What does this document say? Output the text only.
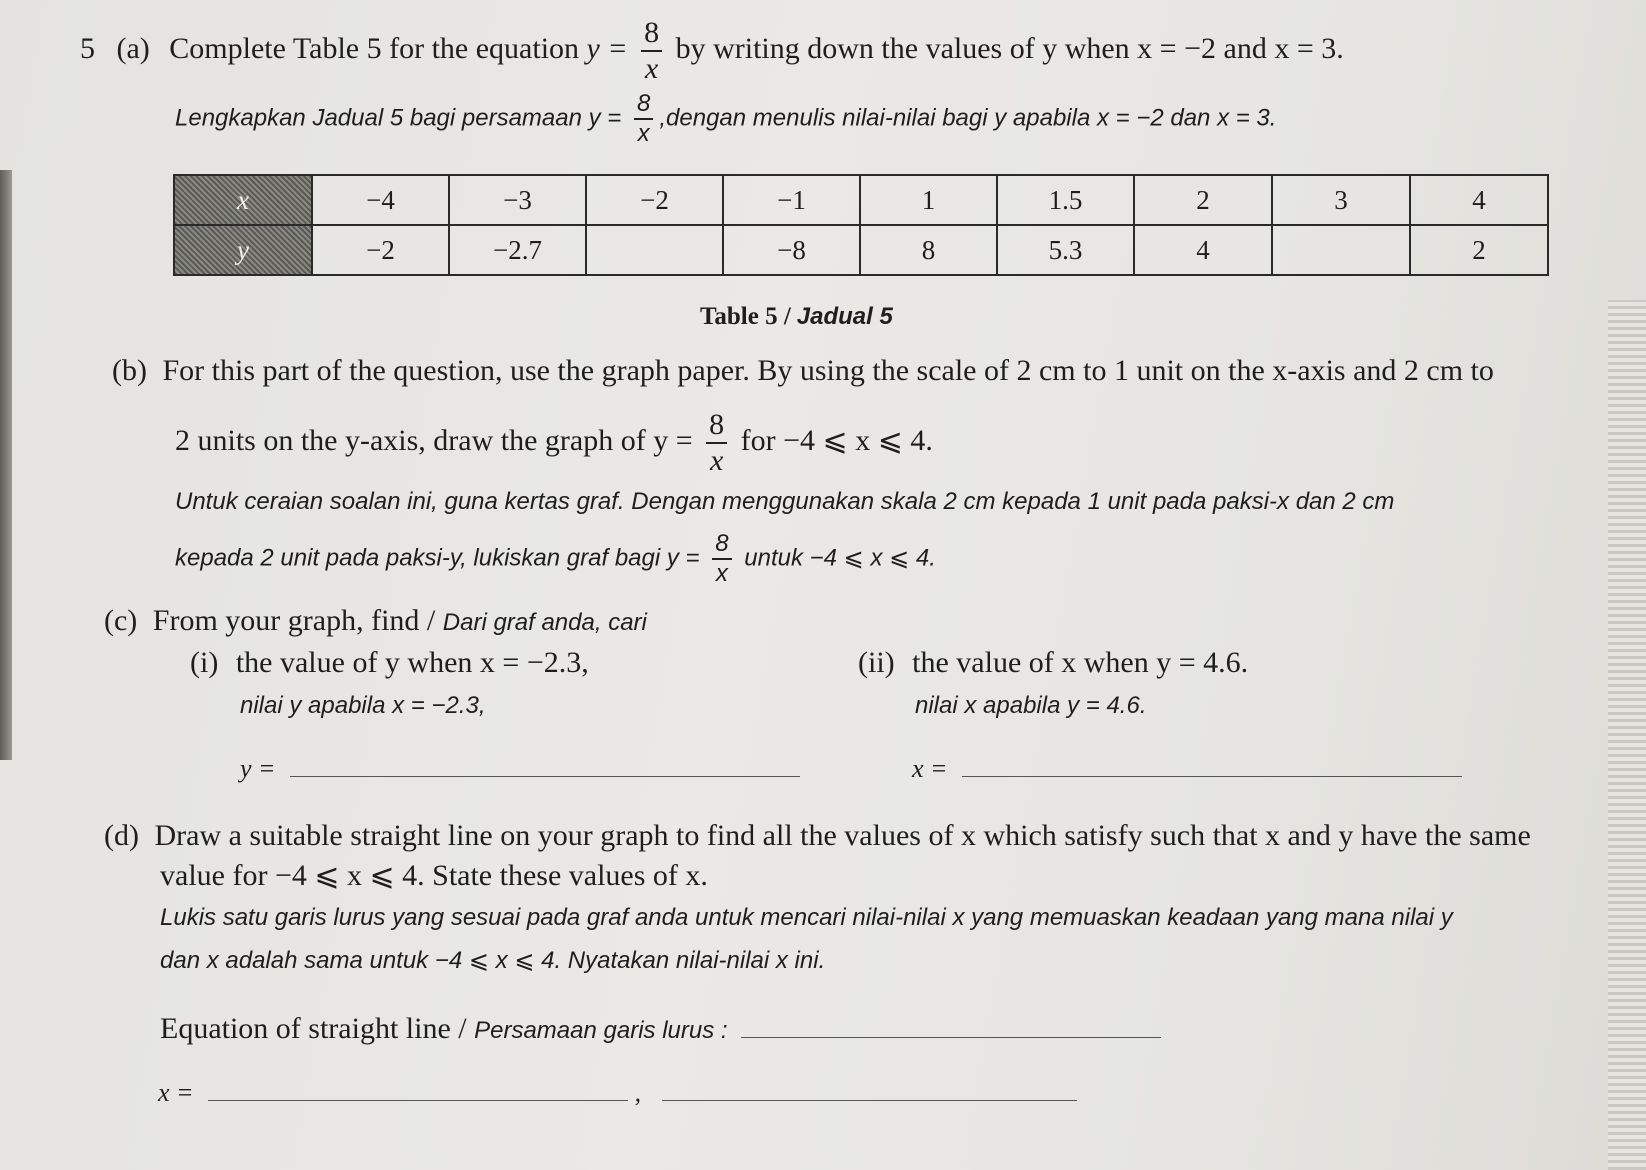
5 (a) Complete Table 5 for the equation $y = \frac{8}{x}$ by writing down the values of y when x = −2 and x = 3.
Lengkapkan Jadual 5 bagi persamaan $y = \frac{8}{x}$ ,dengan menulis nilai-nilai bagi y apabila x = −2 dan x = 3.
x	−4	−3	−2	−1	1	1.5	2	3	4
y	−2	−2.7		−8	8	5.3	4		2
Table 5 / Jadual 5
(b) For this part of the question, use the graph paper. By using the scale of 2 cm to 1 unit on the x-axis and 2 cm to
2 units on the y-axis, draw the graph of $y = \frac{8}{x}$ for −4 ⩽ x ⩽ 4.
Untuk ceraian soalan ini, guna kertas graf. Dengan menggunakan skala 2 cm kepada 1 unit pada paksi-x dan 2 cm
kepada 2 unit pada paksi-y, lukiskan graf bagi $y = \frac{8}{x}$ untuk −4 ⩽ x ⩽ 4.
(c) From your graph, find / Dari graf anda, cari
(i) the value of y when x = −2.3,	(ii) the value of x when y = 4.6.
nilai y apabila x = −2.3,	nilai x apabila y = 4.6.
y =	x =
(d) Draw a suitable straight line on your graph to find all the values of x which satisfy such that x and y have the same
value for −4 ⩽ x ⩽ 4. State these values of x.
Lukis satu garis lurus yang sesuai pada graf anda untuk mencari nilai-nilai x yang memuaskan keadaan yang mana nilai y
dan x adalah sama untuk −4 ⩽ x ⩽ 4. Nyatakan nilai-nilai x ini.
Equation of straight line / Persamaan garis lurus :
x =	,
